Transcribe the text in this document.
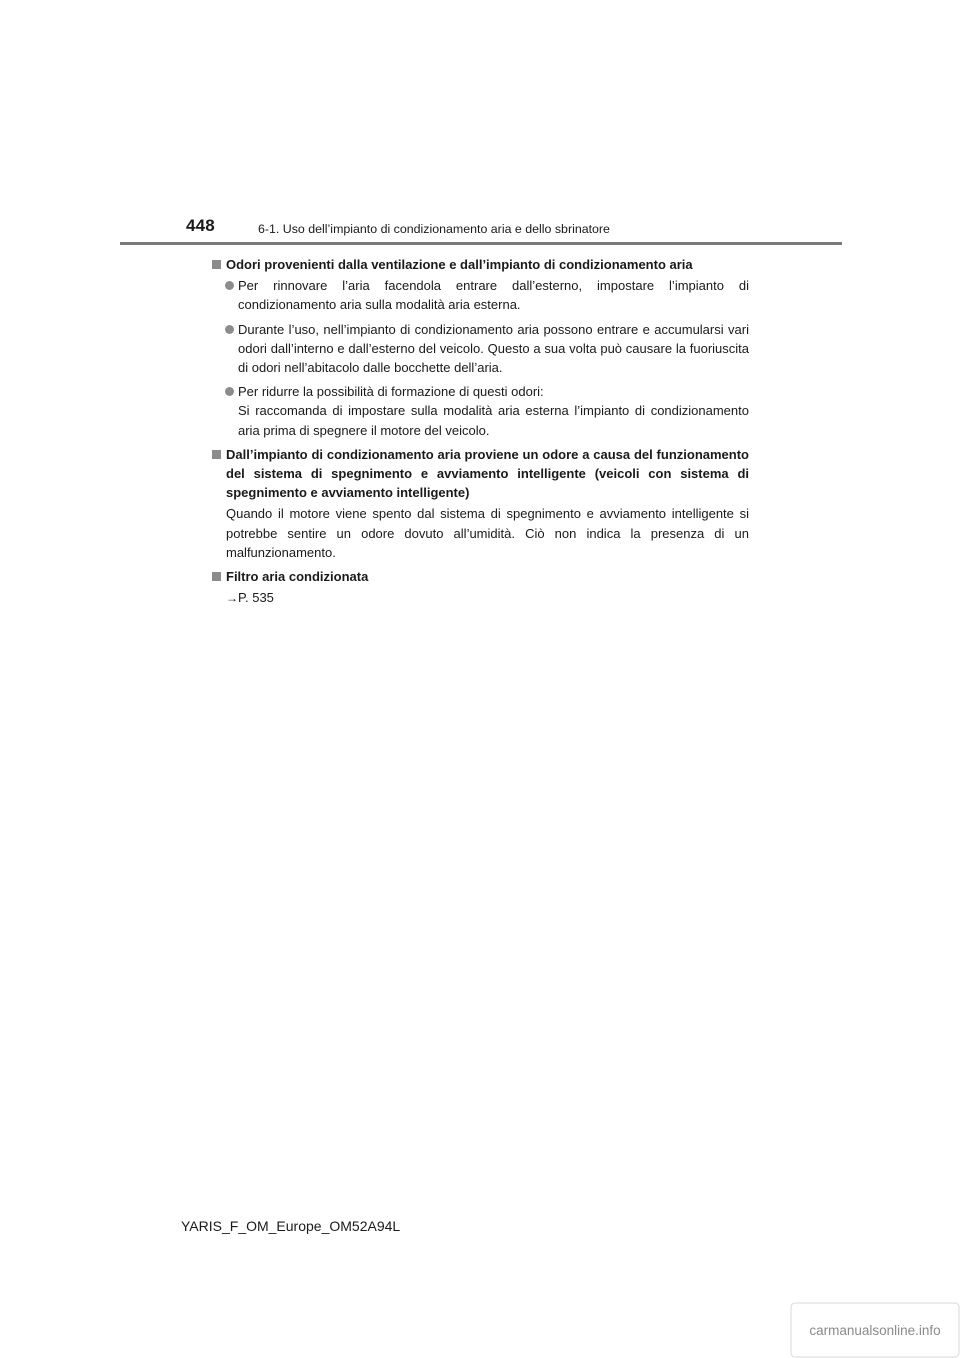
448	6-1. Uso dell’impianto di condizionamento aria e dello sbrinatore
Odori provenienti dalla ventilazione e dall’impianto di condizionamento aria
Per rinnovare l’aria facendola entrare dall’esterno, impostare l’impianto di condizionamento aria sulla modalità aria esterna.
Durante l’uso, nell’impianto di condizionamento aria possono entrare e accumularsi vari odori dall’interno e dall’esterno del veicolo. Questo a sua volta può causare la fuoriuscita di odori nell’abitacolo dalle bocchette dell’aria.
Per ridurre la possibilità di formazione di questi odori:
Si raccomanda di impostare sulla modalità aria esterna l’impianto di condizionamento aria prima di spegnere il motore del veicolo.
Dall’impianto di condizionamento aria proviene un odore a causa del funzionamento del sistema di spegnimento e avviamento intelligente (veicoli con sistema di spegnimento e avviamento intelligente)
Quando il motore viene spento dal sistema di spegnimento e avviamento intelligente si potrebbe sentire un odore dovuto all’umidità. Ciò non indica la presenza di un malfunzionamento.
Filtro aria condizionata
→P. 535
YARIS_F_OM_Europe_OM52A94L
carmanualsonline.info
